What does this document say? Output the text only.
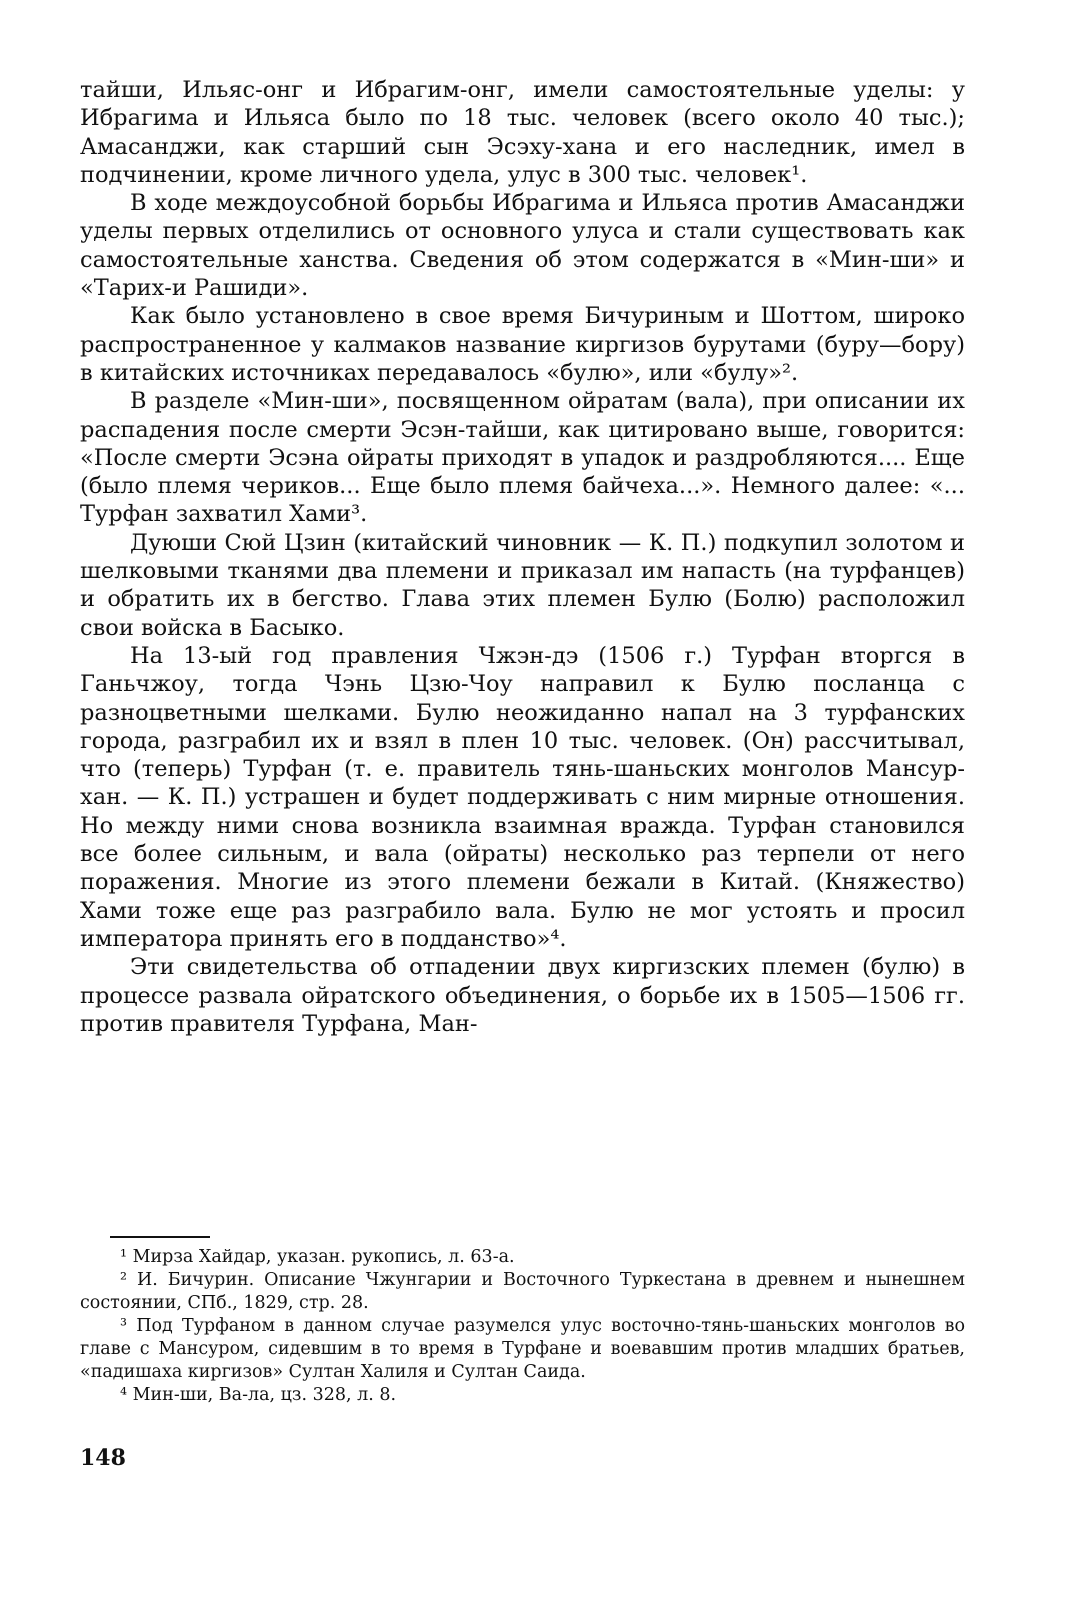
тайши, Ильяс-онг и Ибрагим-онг, имели самостоятельные уделы: у Ибрагима и Ильяса было по 18 тыс. человек (всего около 40 тыс.); Амасанджи, как старший сын Эсэху-хана и его наследник, имел в подчинении, кроме личного удела, улус в 300 тыс. человек¹.

В ходе междоусобной борьбы Ибрагима и Ильяса против Амасанджи уделы первых отделились от основного улуса и стали существовать как самостоятельные ханства. Сведения об этом содержатся в «Мин-ши» и «Тарих-и Рашиди».

Как было установлено в свое время Бичуриным и Шоттом, широко распространенное у калмаков название киргизов бурутами (буру—бору) в китайских источниках передавалось «булю», или «булу»².

В разделе «Мин-ши», посвященном ойратам (вала), при описании их распадения после смерти Эсэн-тайши, как цитировано выше, говорится: «После смерти Эсэна ойраты приходят в упадок и раздробляются.... Еще (было племя чериков... Еще было племя байчеха...». Немного далее: «... Турфан захватил Хами³.

Дуюши Сюй Цзин (китайский чиновник — К. П.) подкупил золотом и шелковыми тканями два племени и приказал им напасть (на турфанцев) и обратить их в бегство. Глава этих племен Булю (Болю) расположил свои войска в Басыко.

На 13-ый год правления Чжэн-дэ (1506 г.) Турфан вторгся в Ганьчжоу, тогда Чэнь Цзю-Чоу направил к Булю посланца с разноцветными шелками. Булю неожиданно напал на 3 турфанских города, разграбил их и взял в плен 10 тыс. человек. (Он) рассчитывал, что (теперь) Турфан (т. е. правитель тянь-шаньских монголов Мансур-хан. — К. П.) устрашен и будет поддерживать с ним мирные отношения. Но между ними снова возникла взаимная вражда. Турфан становился все более сильным, и вала (ойраты) несколько раз терпели от него поражения. Многие из этого племени бежали в Китай. (Княжество) Хами тоже еще раз разграбило вала. Булю не мог устоять и просил императора принять его в подданство»⁴.

Эти свидетельства об отпадении двух киргизских племен (булю) в процессе развала ойратского объединения, о борьбе их в 1505—1506 гг. против правителя Турфана, Ман-

¹ Мирза Хайдар, указан. рукопись, л. 63-а.

² И. Бичурин. Описание Чжунгарии и Восточного Туркестана в древнем и нынешнем состоянии, СПб., 1829, стр. 28.

³ Под Турфаном в данном случае разумелся улус восточно-тянь-шаньских монголов во главе с Мансуром, сидевшим в то время в Турфане и воевавшим против младших братьев, «падишаха киргизов» Султан Халиля и Султан Саида.

⁴ Мин-ши, Ва-ла, цз. 328, л. 8.

148
